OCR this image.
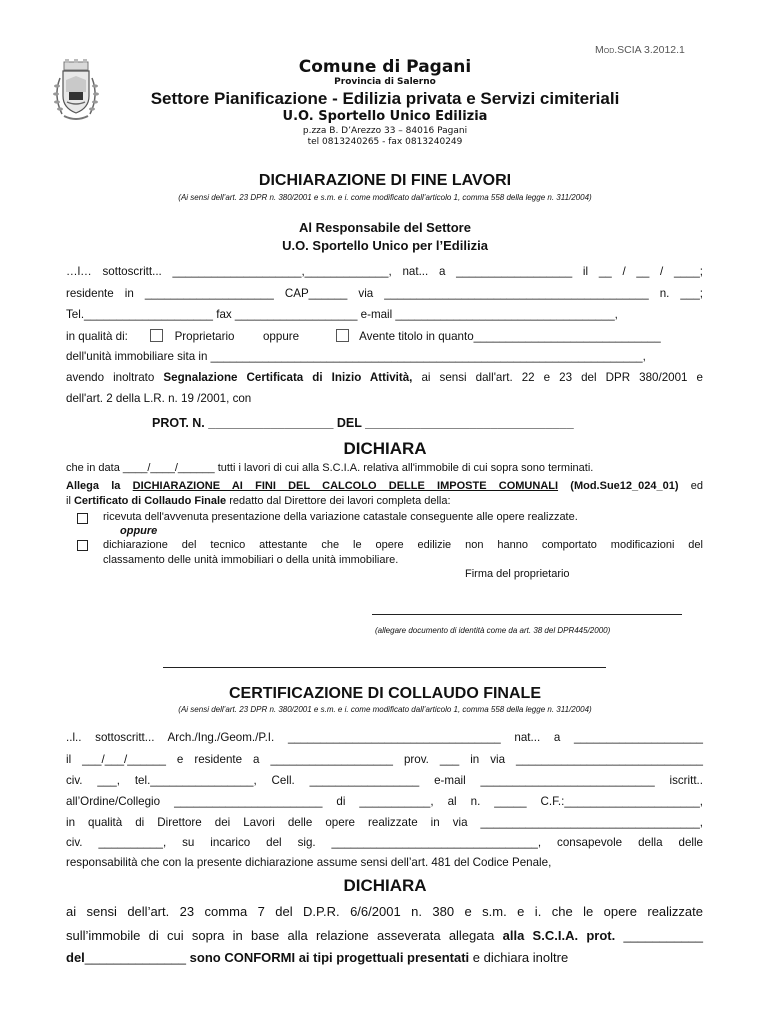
Mod.SCIA 3.2012.1
Comune di Pagani
Provincia di Salerno
Settore Pianificazione - Edilizia privata e Servizi cimiteriali
U.O. Sportello Unico Edilizia
p.zza B. D’Arezzo 33 – 84016 Pagani
tel 0813240265 - fax 0813240249
DICHIARAZIONE DI FINE LAVORI
(Ai sensi dell’art. 23 DPR n. 380/2001 e s.m. e i. come modificato dall’articolo 1, comma 558 della legge n. 311/2004)
Al Responsabile del Settore
U.O. Sportello Unico per l’Edilizia
…l… sottoscritt... ____________________,_____________, nat... a __________________ il __ / __ / ____;
residente in ____________________ CAP______ via _________________________________________ n. ___;
Tel.____________________ fax ___________________ e-mail __________________________________,
in qualità di:	Proprietario oppure	Avente titolo in quanto_____________________________
dell'unità immobiliare sita in ___________________________________________________________________,
avendo inoltrato Segnalazione Certificata di Inizio Attività, ai sensi dall'art. 22 e 23 del DPR 380/2001 e
dell'art. 2 della L.R. n. 19 /2001, con
PROT. N. __________________ DEL ______________________________
DICHIARA
che in data ____/____/______ tutti i lavori di cui alla S.C.I.A. relativa all'immobile di cui sopra sono terminati.
Allega la DICHIARAZIONE AI FINI DEL CALCOLO DELLE IMPOSTE COMUNALI (Mod.Sue12_024_01) ed
il Certificato di Collaudo Finale redatto dal Direttore dei lavori completa della:
ricevuta dell'avvenuta presentazione della variazione catastale conseguente alle opere realizzate.
oppure
dichiarazione del tecnico attestante che le opere edilizie non hanno comportato modificazioni del
classamento delle unità immobiliari o della unità immobiliare.
Firma del proprietario
(allegare documento di identità come da art. 38 del DPR445/2000)
CERTIFICAZIONE DI COLLAUDO FINALE
(Ai sensi dell’art. 23 DPR n. 380/2001 e s.m. e i. come modificato dall’articolo 1, comma 558 della legge n. 311/2004)
..l.. sottoscritt... Arch./Ing./Geom./P.I. _________________________________ nat... a ____________________
il ___/___/______ e residente a ___________________ prov. ___ in via _____________________________
civ. ___, tel.________________, Cell. _________________ e-mail ___________________________ iscritt..
all’Ordine/Collegio _______________________ di ___________, al n. _____ C.F.:_____________________,
in qualità di Direttore dei Lavori delle opere realizzate in via __________________________________,
civ. __________, su incarico del sig. ________________________________, consapevole della delle
responsabilità che con la presente dichiarazione assume sensi dell’art. 481 del Codice Penale,
DICHIARA
ai sensi dell’art. 23 comma 7 del D.P.R. 6/6/2001 n. 380 e s.m. e i. che le opere realizzate
sull’immobile di cui sopra in base alla relazione asseverata allegata alla S.C.I.A. prot. ___________
del______________ sono CONFORMI ai tipi progettuali presentati e dichiara inoltre
